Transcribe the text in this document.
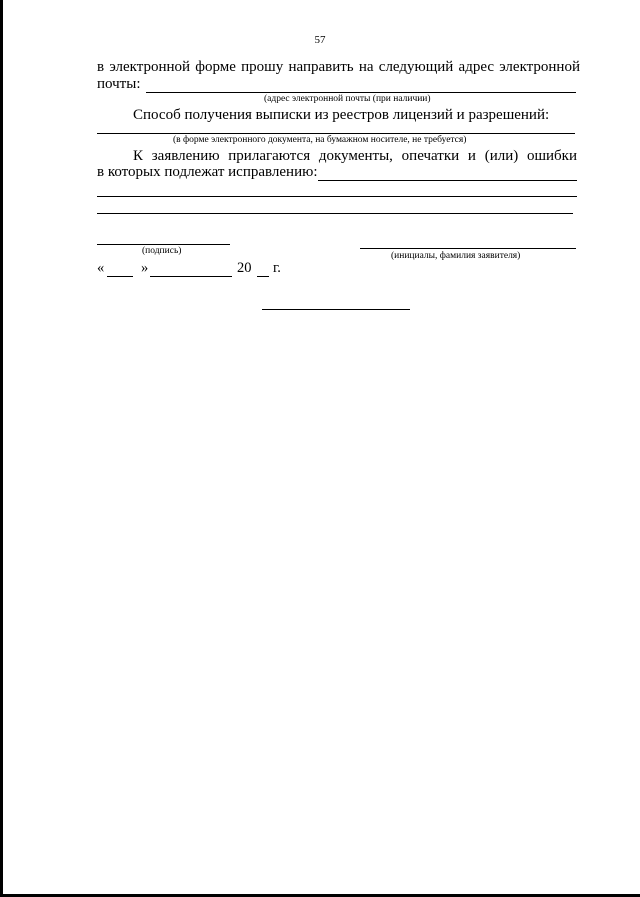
57
в электронной форме прошу направить на следующий адрес электронной
почты:
(адрес электронной почты (при наличии)
Способ получения выписки из реестров лицензий и разрешений:
(в форме электронного документа, на бумажном носителе, не требуется)
К заявлению прилагаются документы, опечатки и (или) ошибки
в которых подлежат исправлению:
(подпись)	(инициалы, фамилия заявителя)
«	»	20 г.
